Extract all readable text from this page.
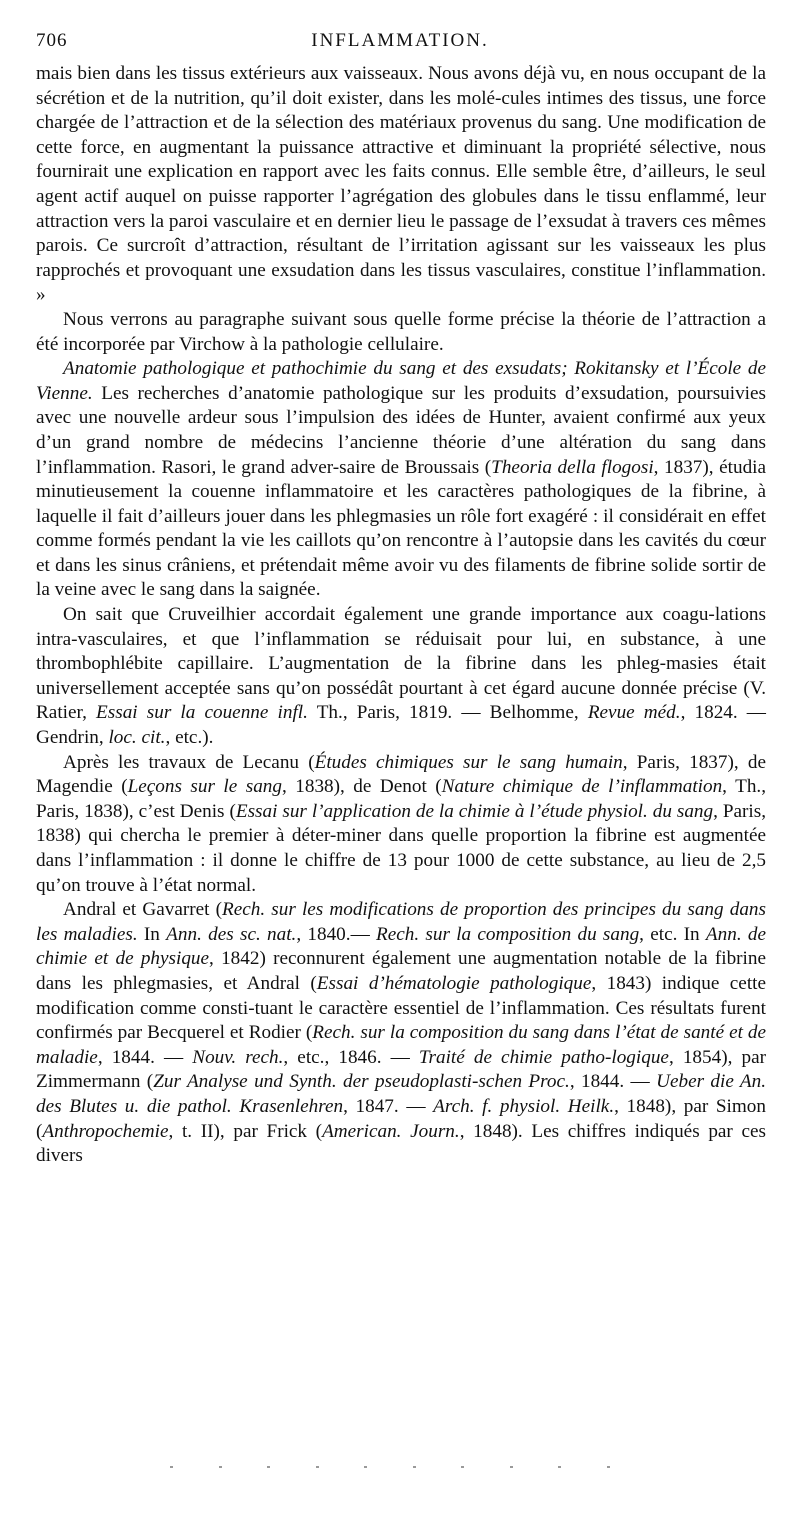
706	INFLAMMATION.

mais bien dans les tissus extérieurs aux vaisseaux. Nous avons déjà vu, en nous occupant de la sécrétion et de la nutrition, qu’il doit exister, dans les molé-cules intimes des tissus, une force chargée de l’attraction et de la sélection des matériaux provenus du sang. Une modification de cette force, en augmentant la puissance attractive et diminuant la propriété sélective, nous fournirait une explication en rapport avec les faits connus. Elle semble être, d’ailleurs, le seul agent actif auquel on puisse rapporter l’agrégation des globules dans le tissu enflammé, leur attraction vers la paroi vasculaire et en dernier lieu le passage de l’exsudat à travers ces mêmes parois. Ce surcroît d’attraction, résultant de l’irritation agissant sur les vaisseaux les plus rapprochés et provoquant une exsudation dans les tissus vasculaires, constitue l’inflammation. »

Nous verrons au paragraphe suivant sous quelle forme précise la théorie de l’attraction a été incorporée par Virchow à la pathologie cellulaire.

Anatomie pathologique et pathochimie du sang et des exsudats; Rokitansky et l’École de Vienne. Les recherches d’anatomie pathologique sur les produits d’exsudation, poursuivies avec une nouvelle ardeur sous l’impulsion des idées de Hunter, avaient confirmé aux yeux d’un grand nombre de médecins l’ancienne théorie d’une altération du sang dans l’inflammation. Rasori, le grand adver-saire de Broussais (Theoria della flogosi, 1837), étudia minutieusement la couenne inflammatoire et les caractères pathologiques de la fibrine, à laquelle il fait d’ailleurs jouer dans les phlegmasies un rôle fort exagéré : il considérait en effet comme formés pendant la vie les caillots qu’on rencontre à l’autopsie dans les cavités du cœur et dans les sinus crâniens, et prétendait même avoir vu des filaments de fibrine solide sortir de la veine avec le sang dans la saignée.

On sait que Cruveilhier accordait également une grande importance aux coagu-lations intra-vasculaires, et que l’inflammation se réduisait pour lui, en substance, à une thrombophlébite capillaire. L’augmentation de la fibrine dans les phleg-masies était universellement acceptée sans qu’on possédât pourtant à cet égard aucune donnée précise (V. Ratier, Essai sur la couenne infl. Th., Paris, 1819. — Belhomme, Revue méd., 1824. — Gendrin, loc. cit., etc.).

Après les travaux de Lecanu (Études chimiques sur le sang humain, Paris, 1837), de Magendie (Leçons sur le sang, 1838), de Denot (Nature chimique de l’inflammation, Th., Paris, 1838), c’est Denis (Essai sur l’application de la chimie à l’étude physiol. du sang, Paris, 1838) qui chercha le premier à déter-miner dans quelle proportion la fibrine est augmentée dans l’inflammation : il donne le chiffre de 13 pour 1000 de cette substance, au lieu de 2,5 qu’on trouve à l’état normal.

Andral et Gavarret (Rech. sur les modifications de proportion des principes du sang dans les maladies. In Ann. des sc. nat., 1840.— Rech. sur la composition du sang, etc. In Ann. de chimie et de physique, 1842) reconnurent également une augmentation notable de la fibrine dans les phlegmasies, et Andral (Essai d’hématologie pathologique, 1843) indique cette modification comme consti-tuant le caractère essentiel de l’inflammation. Ces résultats furent confirmés par Becquerel et Rodier (Rech. sur la composition du sang dans l’état de santé et de maladie, 1844. — Nouv. rech., etc., 1846. — Traité de chimie patho-logique, 1854), par Zimmermann (Zur Analyse und Synth. der pseudoplasti-schen Proc., 1844. — Ueber die An. des Blutes u. die pathol. Krasenlehren, 1847. — Arch. f. physiol. Heilk., 1848), par Simon (Anthropochemie, t. II), par Frick (American. Journ., 1848). Les chiffres indiqués par ces divers
